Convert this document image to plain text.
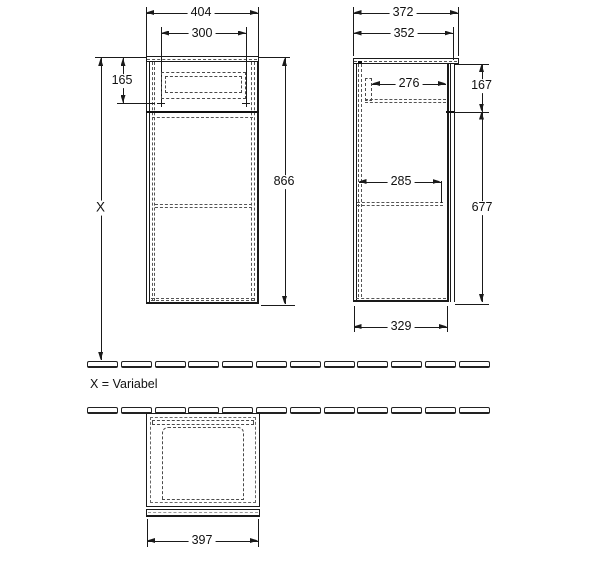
404
300
165
X
866
372
352
276	167
285
677
329
X = Variabel
397
